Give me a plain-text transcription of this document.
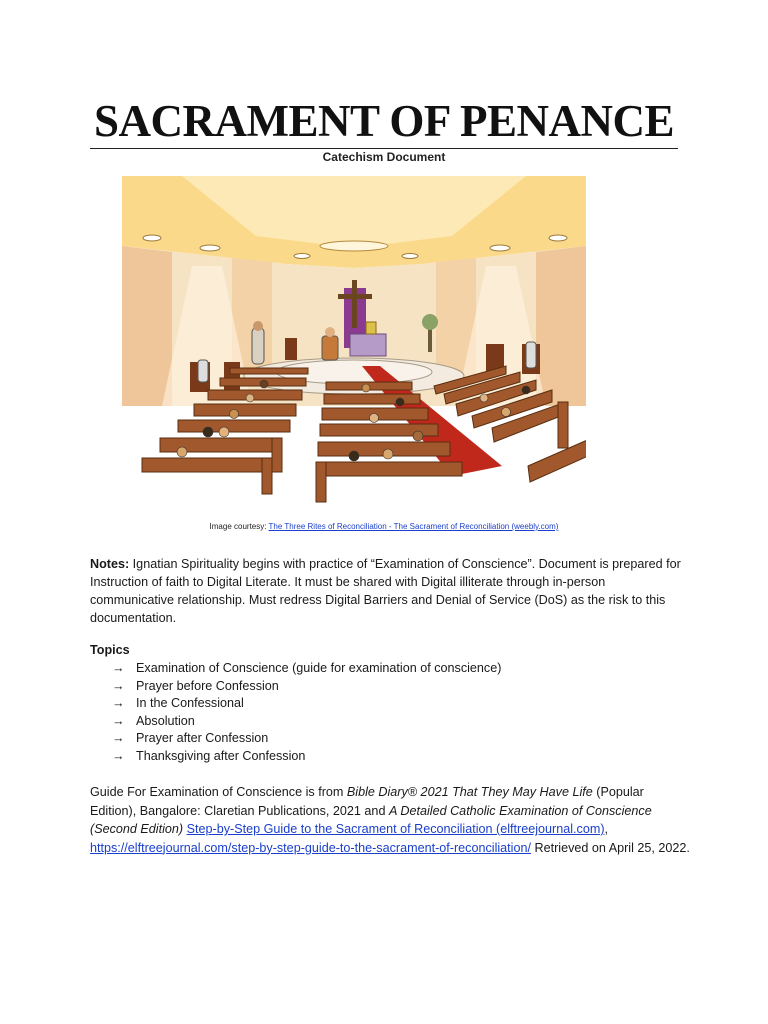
SACRAMENT OF PENANCE
Catechism Document
Image courtesy: The Three Rites of Reconciliation - The Sacrament of Reconciliation (weebly.com)
Notes: Ignatian Spirituality begins with practice of “Examination of Conscience”. Document is prepared for Instruction of faith to Digital Literate. It must be shared with Digital illiterate through in-person communicative relationship. Must redress Digital Barriers and Denial of Service (DoS) as the risk to this documentation.
Topics
→ Examination of Conscience (guide for examination of conscience)
→ Prayer before Confession
→ In the Confessional
→ Absolution
→ Prayer after Confession
→ Thanksgiving after Confession
Guide For Examination of Conscience is from Bible Diary® 2021 That They May Have Life (Popular Edition), Bangalore: Claretian Publications, 2021 and A Detailed Catholic Examination of Conscience (Second Edition) Step-by-Step Guide to the Sacrament of Reconciliation (elftreejournal.com), https://elftreejournal.com/step-by-step-guide-to-the-sacrament-of-reconciliation/ Retrieved on April 25, 2022.
